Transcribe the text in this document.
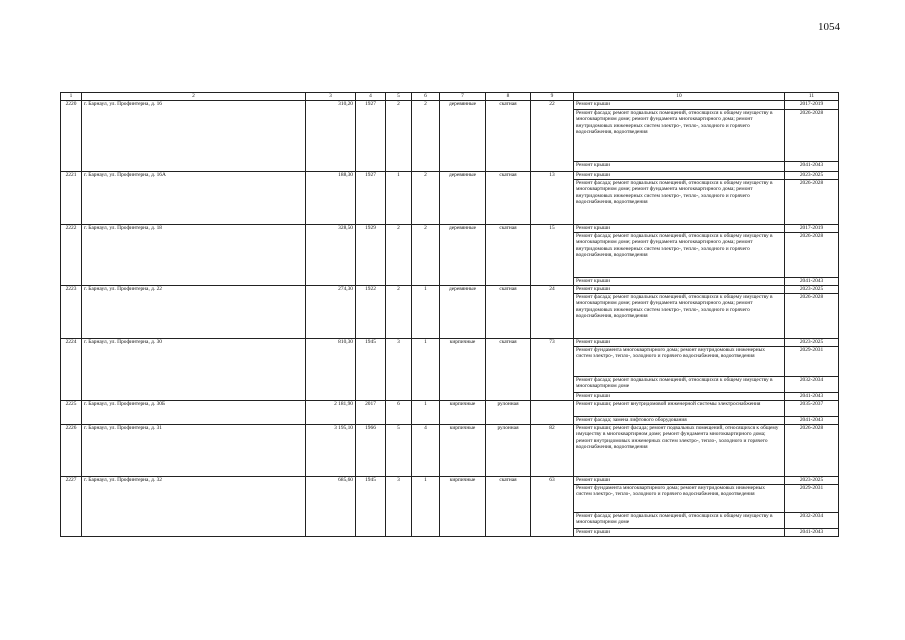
1054
1	2	3	4	5	6	7	8	9	10	11
2220	г. Барнаул, ул. Профинтерна, д. 16	310,20	1927	2	2	деревянные	скатная	22	Ремонт крыши	2017-2019
									Ремонт фасада; ремонт подвальных помещений, относящихся к общему имуществу в многоквартирном доме; ремонт фундамента многоквартирного дома; ремонт внутридомовых инженерных систем электро-, тепло-, холодного и горячего водоснабжения, водоотведения	2026-2028
									Ремонт крыши	2041-2043
2221	г. Барнаул, ул. Профинтерна, д. 16А	188,30	1927	1	2	деревянные	скатная	13	Ремонт крыши	2023-2025
									Ремонт фасада; ремонт подвальных помещений, относящихся к общему имуществу в многоквартирном доме; ремонт фундамента многоквартирного дома; ремонт внутридомовых инженерных систем электро-, тепло-, холодного и горячего водоснабжения, водоотведения	2026-2028
2222	г. Барнаул, ул. Профинтерна, д. 18	328,50	1929	2	2	деревянные	скатная	15	Ремонт крыши	2017-2019
									Ремонт фасада; ремонт подвальных помещений, относящихся к общему имуществу в многоквартирном доме; ремонт фундамента многоквартирного дома; ремонт внутридомовых инженерных систем электро-, тепло-, холодного и горячего водоснабжения, водоотведения	2026-2028
									Ремонт крыши	2041-2043
2223	г. Барнаул, ул. Профинтерна, д. 22	274,30	1922	2	1	деревянные	скатная	24	Ремонт крыши	2023-2025
									Ремонт фасада; ремонт подвальных помещений, относящихся к общему имуществу в многоквартирном доме; ремонт фундамента многоквартирного дома; ремонт внутридомовых инженерных систем электро-, тепло-, холодного и горячего водоснабжения, водоотведения	2026-2028
2224	г. Барнаул, ул. Профинтерна, д. 30	810,30	1945	3	1	кирпичные	скатная	73	Ремонт крыши	2023-2025
									Ремонт фундамента многоквартирного дома; ремонт внутридомовых инженерных систем электро-, тепло-, холодного и горячего водоснабжения, водоотведения	2029-2031
									Ремонт фасада; ремонт подвальных помещений, относящихся к общему имуществу в многоквартирном доме	2032-2034
									Ремонт крыши	2041-2043
2225	г. Барнаул, ул. Профинтерна, д. 30Б	2 181,90	2017	6	1	кирпичные	рулонная		Ремонт крыши; ремонт внутридомовой инженерной системы электроснабжения	2035-2037
									Ремонт фасада; замена лифтового оборудования	2041-2043
2226	г. Барнаул, ул. Профинтерна, д. 31	3 195,10	1966	5	4	кирпичные	рулонная	82	Ремонт крыши; ремонт фасада; ремонт подвальных помещений, относящихся к общему имуществу в многоквартирном доме; ремонт фундамента многоквартирного дома; ремонт внутридомовых инженерных систем электро-, тепло-, холодного и горячего водоснабжения, водоотведения	2026-2028
2227	г. Барнаул, ул. Профинтерна, д. 32	685,60	1945	3	1	кирпичные	скатная	63	Ремонт крыши	2023-2025
									Ремонт фундамента многоквартирного дома; ремонт внутридомовых инженерных систем электро-, тепло-, холодного и горячего водоснабжения, водоотведения	2029-2031
									Ремонт фасада; ремонт подвальных помещений, относящихся к общему имуществу в многоквартирном доме	2032-2034
									Ремонт крыши	2041-2043
